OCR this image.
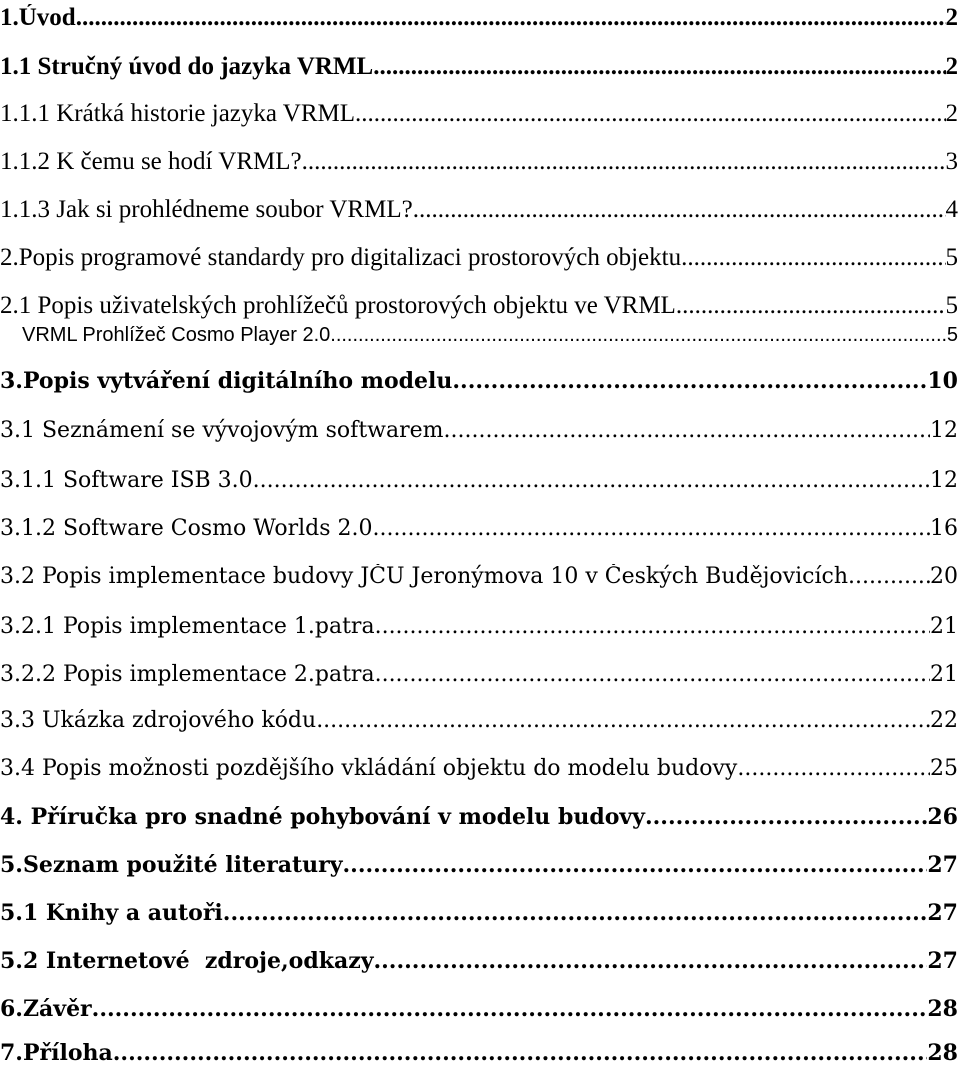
1.Úvod .....	2
1.1 Stručný úvod do jazyka VRML .....	2
1.1.1 Krátká historie jazyka VRML .....	2
1.1.2 K čemu se hodí VRML? .....	3
1.1.3 Jak si prohlédneme soubor VRML? .....	4
2.Popis programové standardy pro digitalizaci prostorových objektu .....	5
2.1 Popis uživatelských prohlížečů prostorových objektu ve VRML .....	5
VRML Prohlížeč Cosmo Player 2.0 .....	5
3.Popis vytváření digitálního modelu. .....	10
3.1 Seznámení se vývojovým softwarem .....	12
3.1.1 Software ISB 3.0 .....	12
3.1.2 Software Cosmo Worlds 2.0 .....	16
3.2 Popis implementace budovy JČU Jeronýmova 10 v Českých Budějovicích .....	20
3.2.1 Popis implementace 1.patra .....	21
3.2.2 Popis implementace 2.patra .....	21
3.3 Ukázka zdrojového kódu .....	22
3.4 Popis možnosti pozdějšího vkládání objektu do modelu budovy .....	25
4. Příručka pro snadné pohybování v modelu budovy .....	26
5.Seznam použité literatury .....	27
5.1 Knihy a autoři .....	27
5.2 Internetové  zdroje,odkazy .....	27
6.Závěr .....	28
7.Příloha .....	28
